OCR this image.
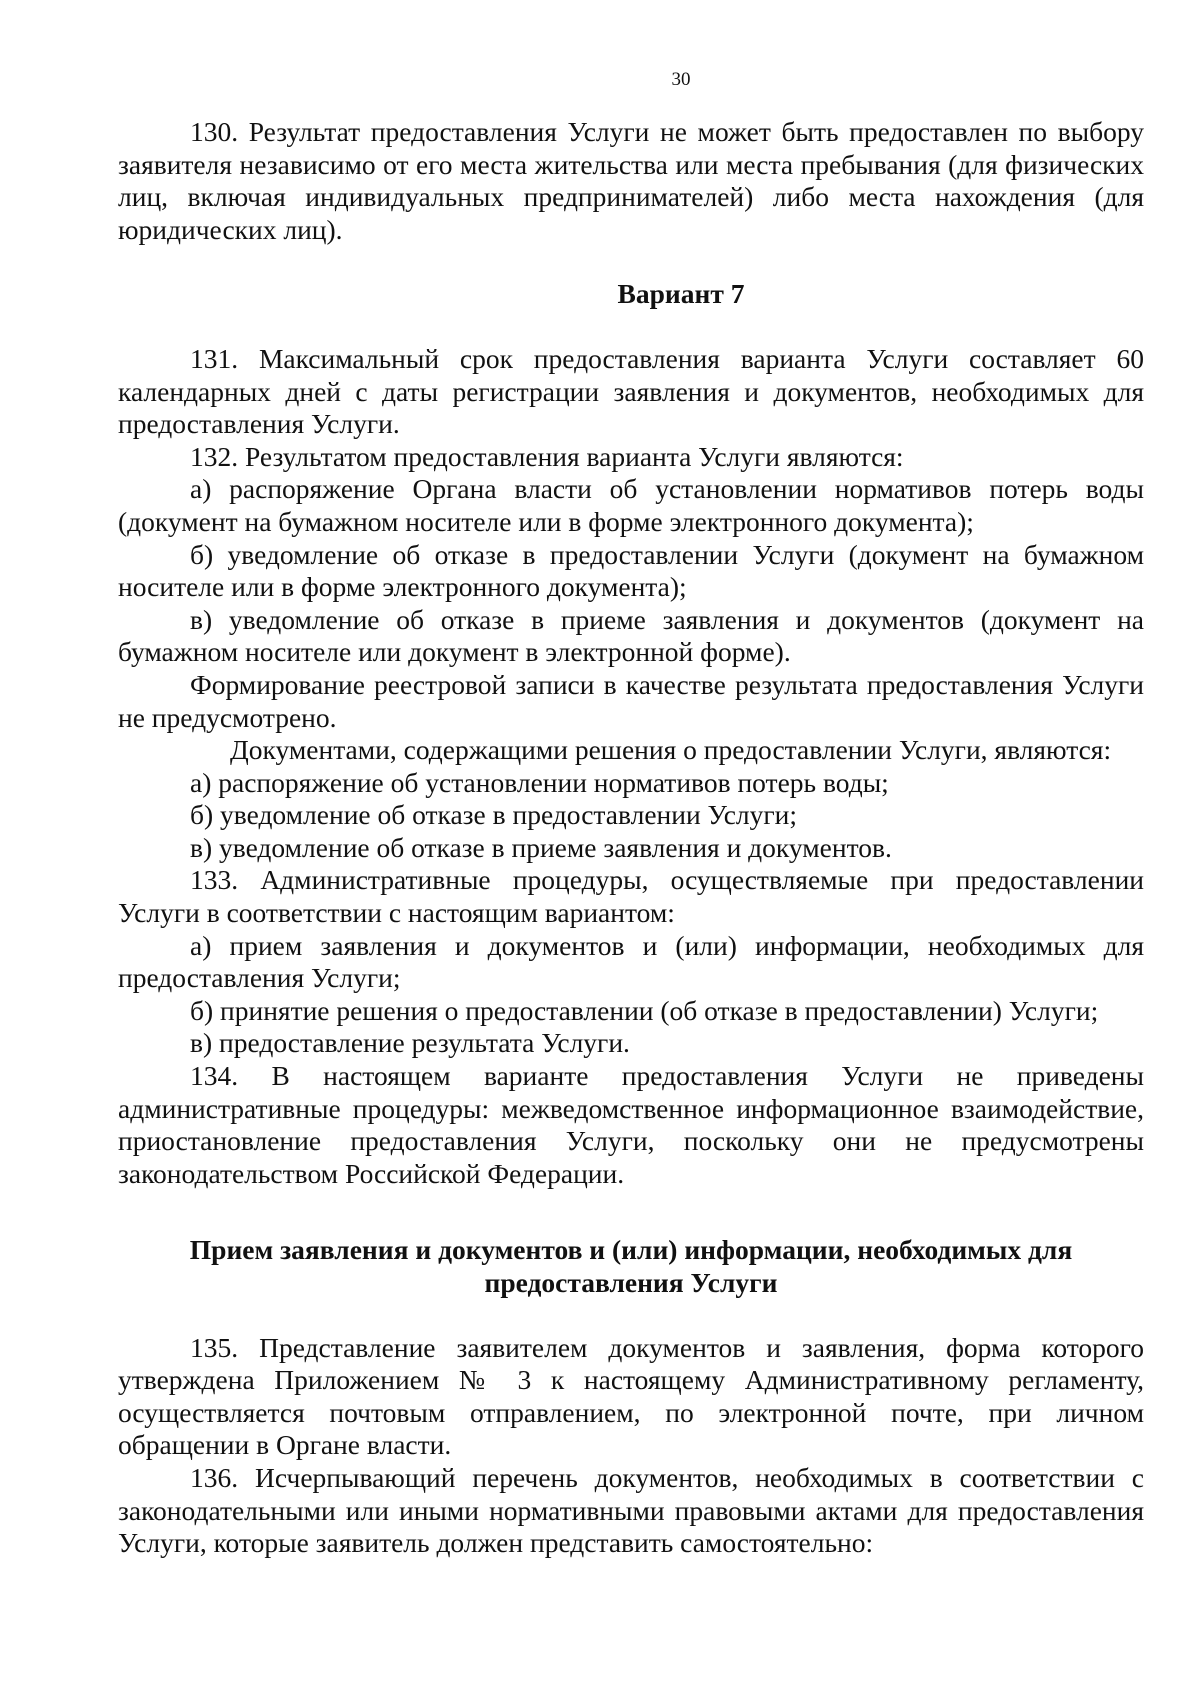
30

130. Результат предоставления Услуги не может быть предоставлен по выбору заявителя независимо от его места жительства или места пребывания (для физических лиц, включая индивидуальных предпринимателей) либо места нахождения (для юридических лиц).

Вариант 7

131. Максимальный срок предоставления варианта Услуги составляет 60 календарных дней с даты регистрации заявления и документов, необходимых для предоставления Услуги.

132. Результатом предоставления варианта Услуги являются:

а) распоряжение Органа власти об установлении нормативов потерь воды (документ на бумажном носителе или в форме электронного документа);

б) уведомление об отказе в предоставлении Услуги (документ на бумажном носителе или в форме электронного документа);

в) уведомление об отказе в приеме заявления и документов (документ на бумажном носителе или документ в электронной форме).

Формирование реестровой записи в качестве результата предоставления Услуги не предусмотрено.

Документами, содержащими решения о предоставлении Услуги, являются:

а) распоряжение об установлении нормативов потерь воды;

б) уведомление об отказе в предоставлении Услуги;

в) уведомление об отказе в приеме заявления и документов.

133. Административные процедуры, осуществляемые при предоставлении Услуги в соответствии с настоящим вариантом:

а) прием заявления и документов и (или) информации, необходимых для предоставления Услуги;

б) принятие решения о предоставлении (об отказе в предоставлении) Услуги;

в) предоставление результата Услуги.

134. В настоящем варианте предоставления Услуги не приведены административные процедуры: межведомственное информационное взаимодействие, приостановление предоставления Услуги, поскольку они не предусмотрены законодательством Российской Федерации.

Прием заявления и документов и (или) информации, необходимых для предоставления Услуги

135. Представление заявителем документов и заявления, форма которого утверждена Приложением № 3 к настоящему Административному регламенту, осуществляется почтовым отправлением, по электронной почте, при личном обращении в Органе власти.

136. Исчерпывающий перечень документов, необходимых в соответствии с законодательными или иными нормативными правовыми актами для предоставления Услуги, которые заявитель должен представить самостоятельно:
